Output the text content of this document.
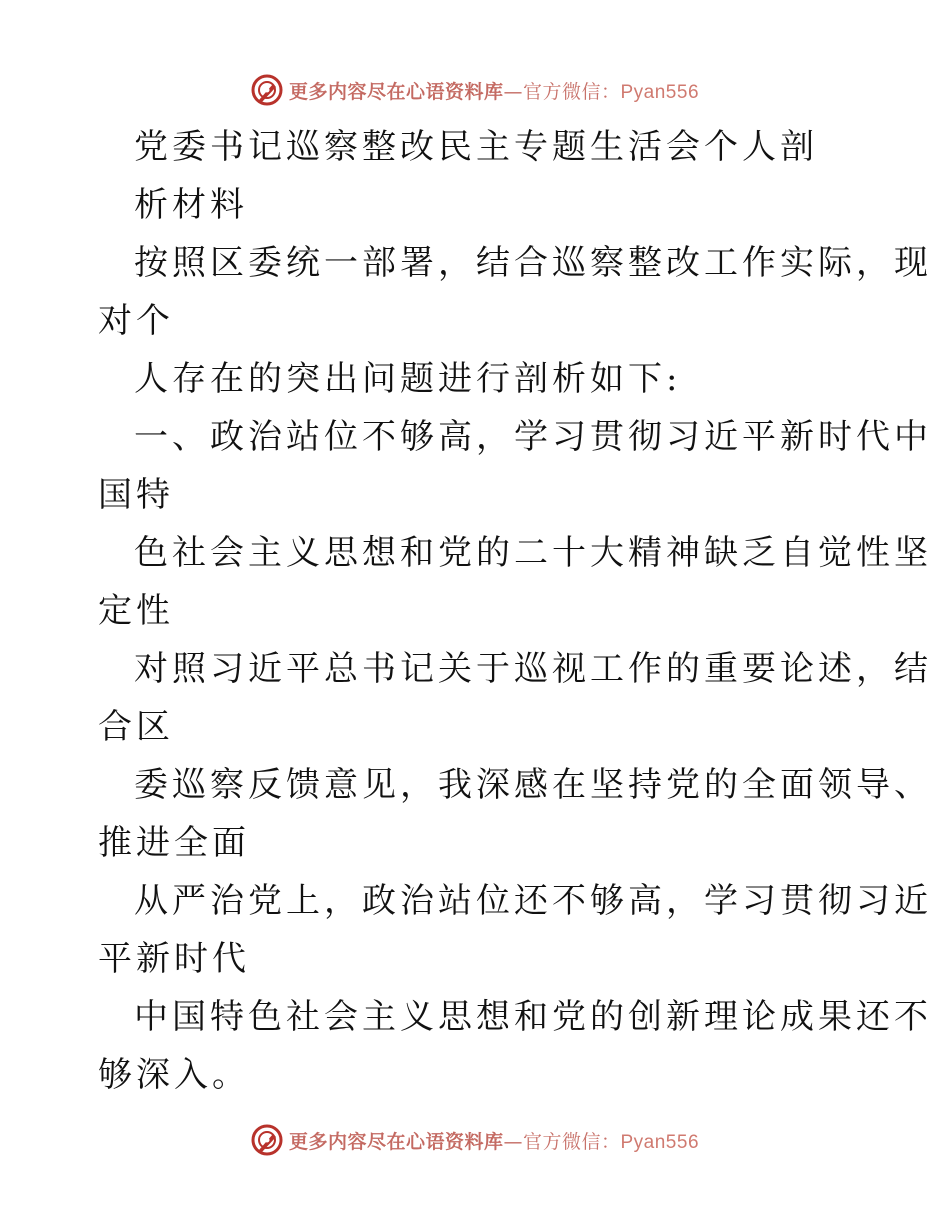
更多内容尽在心语资料库—官方微信：Pyan556
党委书记巡察整改民主专题生活会个人剖
析材料
按照区委统一部署，结合巡察整改工作实际，现
对个
人存在的突出问题进行剖析如下:
一、政治站位不够高，学习贯彻习近平新时代中
国特
色社会主义思想和党的二十大精神缺乏自觉性坚
定性
对照习近平总书记关于巡视工作的重要论述，结
合区
委巡察反馈意见，我深感在坚持党的全面领导、
推进全面
从严治党上，政治站位还不够高，学习贯彻习近
平新时代
中国特色社会主义思想和党的创新理论成果还不
够深入。
更多内容尽在心语资料库—官方微信：Pyan556
